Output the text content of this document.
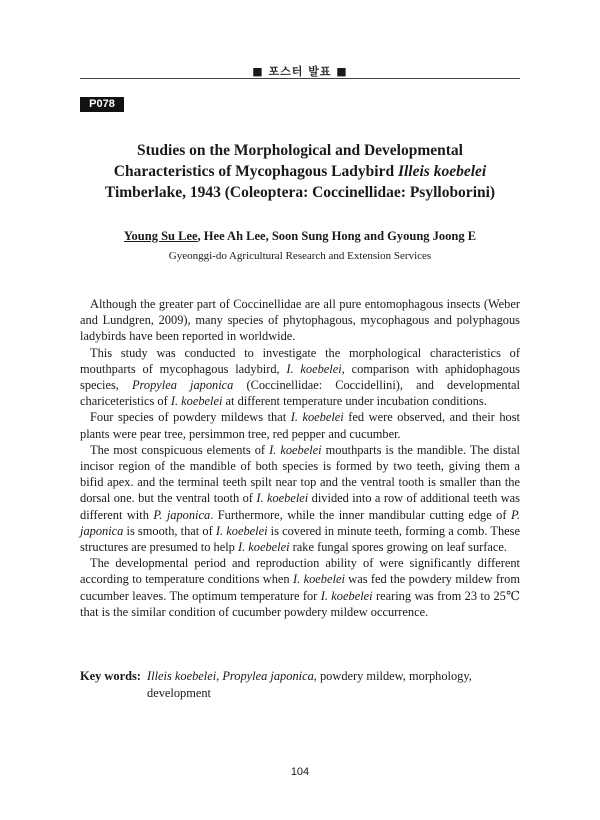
■ 포스터 발표 ■
P078
Studies on the Morphological and Developmental
Characteristics of Mycophagous Ladybird Illeis koebelei
Timberlake, 1943 (Coleoptera: Coccinellidae: Psylloborini)
Young Su Lee, Hee Ah Lee, Soon Sung Hong and Gyoung Joong E
Gyeonggi-do Agricultural Research and Extension Services

Although the greater part of Coccinellidae are all pure entomophagous insects (Weber and Lundgren, 2009), many species of phytophagous, mycophagous and polyphagous ladybirds have been reported in worldwide.

This study was conducted to investigate the morphological characteristics of mouthparts of mycophagous ladybird, I. koebelei, comparison with aphidophagous species, Propylea japonica (Coccinellidae: Coccidellini), and developmental chariceteristics of I. koebelei at different temperature under incubation conditions.

Four species of powdery mildews that I. koebelei fed were observed, and their host plants were pear tree, persimmon tree, red pepper and cucumber.

The most conspicuous elements of I. koebelei mouthparts is the mandible. The distal incisor region of the mandible of both species is formed by two teeth, giving them a bifid apex. and the terminal teeth spilt near top and the ventral tooth is smaller than the dorsal one. but the ventral tooth of I. koebelei divided into a row of additional teeth was different with P. japonica. Furthermore, while the inner mandibular cutting edge of P. japonica is smooth, that of I. koebelei is covered in minute teeth, forming a comb. These structures are presumed to help I. koebelei rake fungal spores growing on leaf surface.

The developmental period and reproduction ability of were significantly different according to temperature conditions when I. koebelei was fed the powdery mildew from cucumber leaves. The optimum temperature for I. koebelei rearing was from 23 to 25℃ that is the similar condition of cucumber powdery mildew occurrence.

Key words: Illeis koebelei, Propylea japonica, powdery mildew, morphology, development
104
